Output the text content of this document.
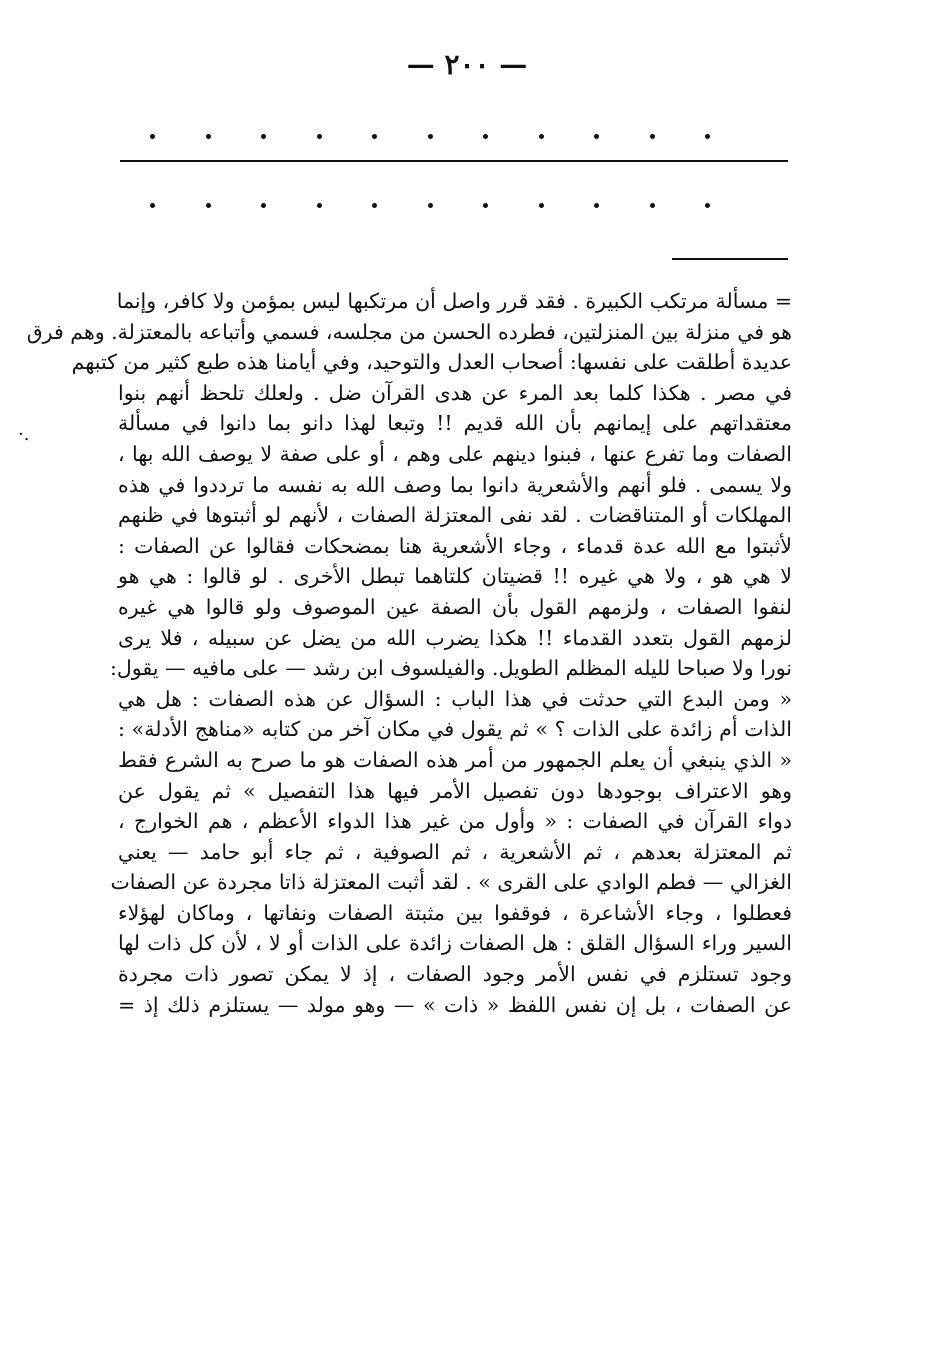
— ٢٠٠ —
·.
= مسألة مرتكب الكبيرة . فقد قرر واصل أن مرتكبها ليس بمؤمن ولا كافر، وإنما
هو في منزلة بين المنزلتين، فطرده الحسن من مجلسه، فسمي وأتباعه بالمعتزلة. وهم فرق
عديدة أطلقت على نفسها: أصحاب العدل والتوحيد، وفي أيامنا هذه طبع كثير من كتبهم
في مصر . هكذا كلما بعد المرء عن هدى القرآن ضل . ولعلك تلحظ أنهم بنوا
معتقداتهم على إيمانهم بأن الله قديم !! وتبعا لهذا دانو بما دانوا في مسألة
الصفات وما تفرع عنها ، فبنوا دينهم على وهم ، أو على صفة لا يوصف الله بها ،
ولا يسمى . فلو أنهم والأشعرية دانوا بما وصف الله به نفسه ما ترددوا في هذه
المهلكات أو المتناقضات . لقد نفى المعتزلة الصفات ، لأنهم لو أثبتوها في ظنهم
لأثبتوا مع الله عدة قدماء ، وجاء الأشعرية هنا بمضحكات فقالوا عن الصفات :
لا هي هو ، ولا هي غيره !! قضيتان كلتاهما تبطل الأخرى . لو قالوا : هي هو
لنفوا الصفات ، ولزمهم القول بأن الصفة عين الموصوف ولو قالوا هي غيره
لزمهم القول بتعدد القدماء !! هكذا يضرب الله من يضل عن سبيله ، فلا يرى
نورا ولا صباحا لليله المظلم الطويل. والفيلسوف ابن رشد — على مافيه — يقول:
« ومن البدع التي حدثت في هذا الباب : السؤال عن هذه الصفات : هل هي
الذات أم زائدة على الذات ؟ » ثم يقول في مكان آخر من كتابه «مناهج الأدلة» :
« الذي ينبغي أن يعلم الجمهور من أمر هذه الصفات هو ما صرح به الشرع فقط
وهو الاعتراف بوجودها دون تفصيل الأمر فيها هذا التفصيل » ثم يقول عن
دواء القرآن في الصفات : « وأول من غير هذا الدواء الأعظم ، هم الخوارج ،
ثم المعتزلة بعدهم ، ثم الأشعرية ، ثم الصوفية ، ثم جاء أبو حامد — يعني
الغزالي — فطم الوادي على القرى » . لقد أثبت المعتزلة ذاتا مجردة عن الصفات
فعطلوا ، وجاء الأشاعرة ، فوقفوا بين مثبتة الصفات ونفاتها ، وماكان لهؤلاء
السير وراء السؤال القلق : هل الصفات زائدة على الذات أو لا ، لأن كل ذات لها
وجود تستلزم في نفس الأمر وجود الصفات ، إذ لا يمكن تصور ذات مجردة
عن الصفات ، بل إن نفس اللفظ « ذات » — وهو مولد — يستلزم ذلك إذ =
